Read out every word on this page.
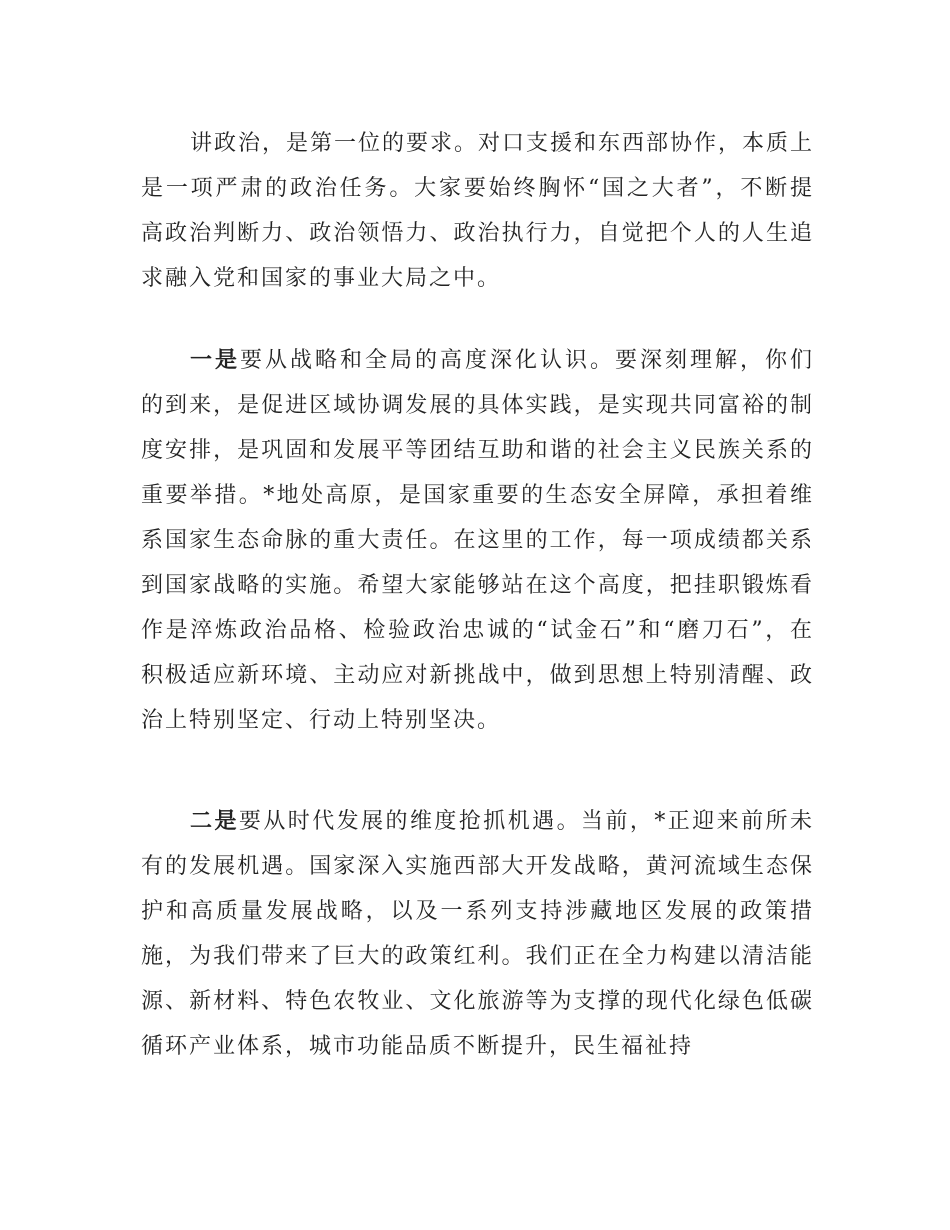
讲政治，是第一位的要求。对口支援和东西部协作，本质上是一项严肃的政治任务。大家要始终胸怀“国之大者”，不断提高政治判断力、政治领悟力、政治执行力，自觉把个人的人生追求融入党和国家的事业大局之中。

一是要从战略和全局的高度深化认识。要深刻理解，你们的到来，是促进区域协调发展的具体实践，是实现共同富裕的制度安排，是巩固和发展平等团结互助和谐的社会主义民族关系的重要举措。*地处高原，是国家重要的生态安全屏障，承担着维系国家生态命脉的重大责任。在这里的工作，每一项成绩都关系到国家战略的实施。希望大家能够站在这个高度，把挂职锻炼看作是淬炼政治品格、检验政治忠诚的“试金石”和“磨刀石”，在积极适应新环境、主动应对新挑战中，做到思想上特别清醒、政治上特别坚定、行动上特别坚决。

二是要从时代发展的维度抢抓机遇。当前，*正迎来前所未有的发展机遇。国家深入实施西部大开发战略，黄河流域生态保护和高质量发展战略，以及一系列支持涉藏地区发展的政策措施，为我们带来了巨大的政策红利。我们正在全力构建以清洁能源、新材料、特色农牧业、文化旅游等为支撑的现代化绿色低碳循环产业体系，城市功能品质不断提升，民生福祉持
